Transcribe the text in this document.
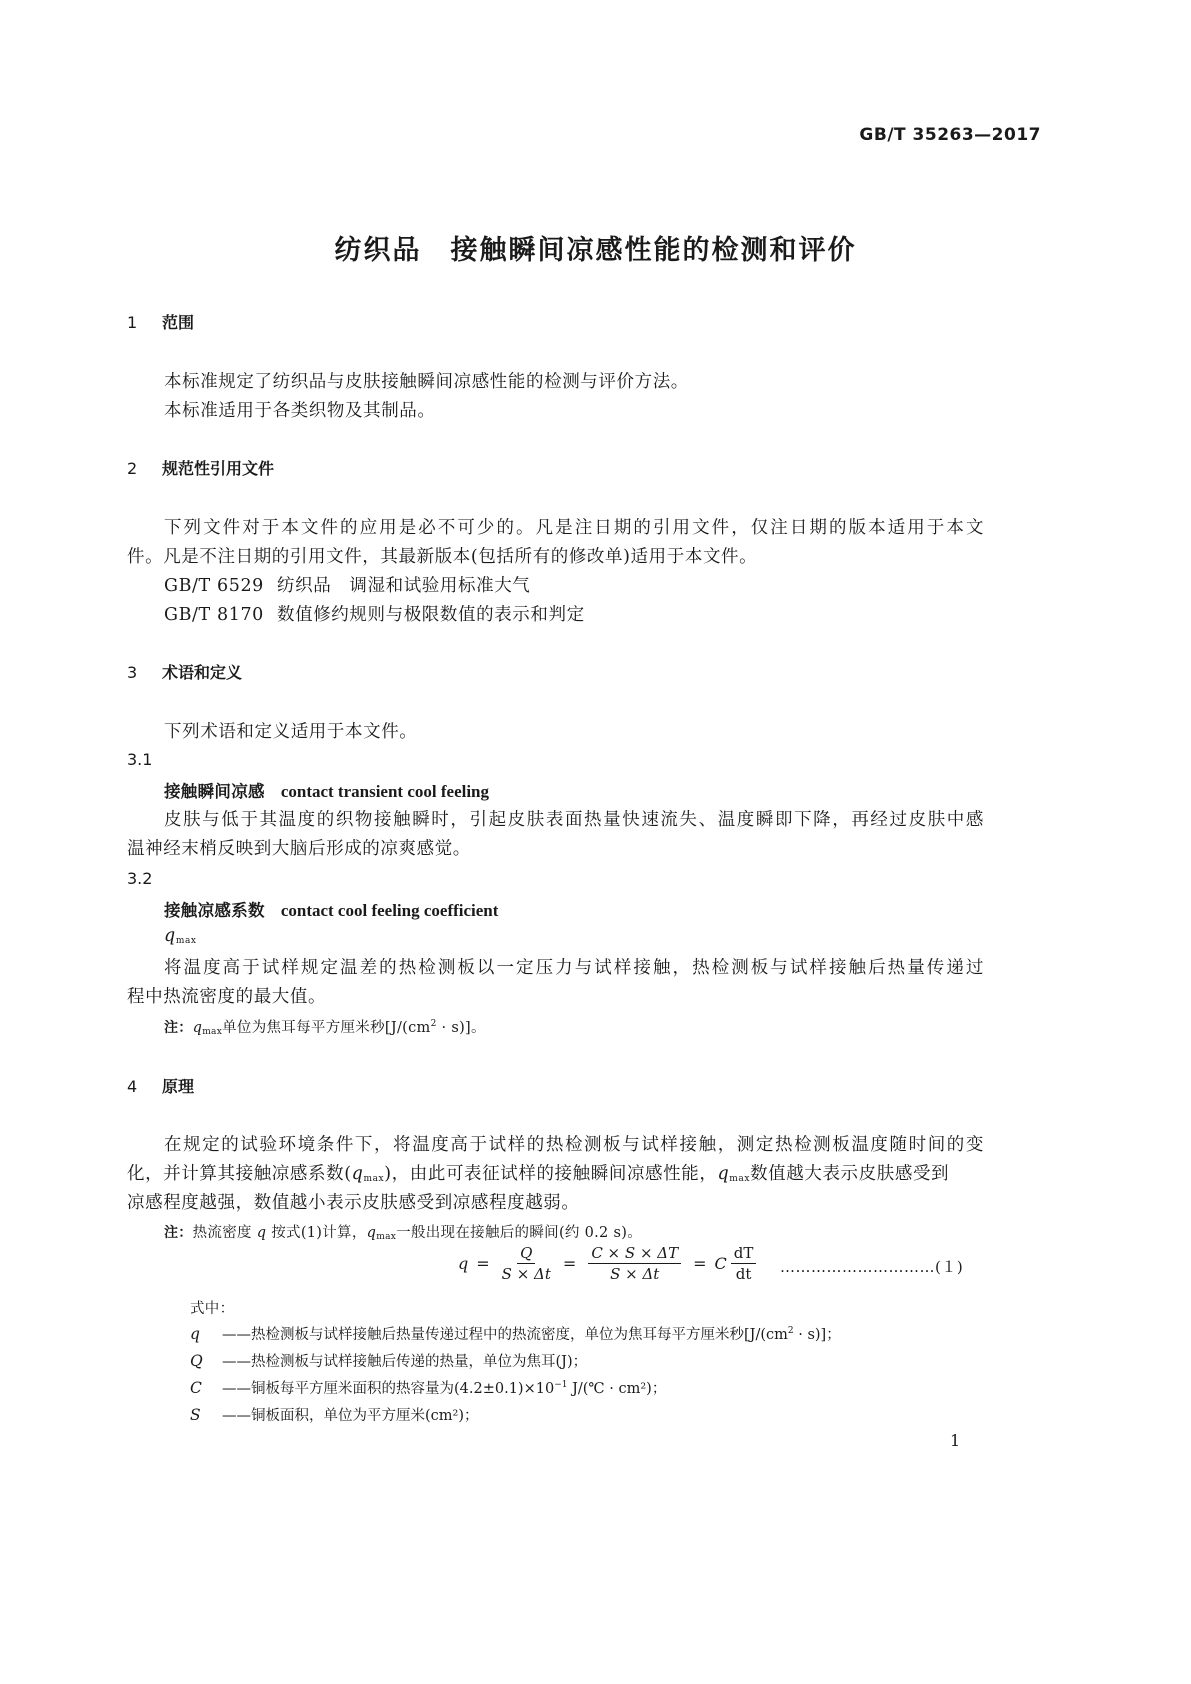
GB/T 35263—2017
纺织品　接触瞬间凉感性能的检测和评价
1 范围
本标准规定了纺织品与皮肤接触瞬间凉感性能的检测与评价方法。
本标准适用于各类织物及其制品。
2 规范性引用文件
下列文件对于本文件的应用是必不可少的。凡是注日期的引用文件，仅注日期的版本适用于本文
件。凡是不注日期的引用文件，其最新版本(包括所有的修改单)适用于本文件。
GB/T 6529 纺织品　调湿和试验用标准大气
GB/T 8170 数值修约规则与极限数值的表示和判定
3 术语和定义
下列术语和定义适用于本文件。
3.1
接触瞬间凉感 contact transient cool feeling
皮肤与低于其温度的织物接触瞬时，引起皮肤表面热量快速流失、温度瞬即下降，再经过皮肤中感
温神经末梢反映到大脑后形成的凉爽感觉。
3.2
接触凉感系数 contact cool feeling coefficient
$q_{max}$
将温度高于试样规定温差的热检测板以一定压力与试样接触，热检测板与试样接触后热量传递过
程中热流密度的最大值。
注：$q_{max}$单位为焦耳每平方厘米秒$[J/(cm^2 \cdot s)]$。
4 原理
在规定的试验环境条件下，将温度高于试样的热检测板与试样接触，测定热检测板温度随时间的变
化，并计算其接触凉感系数$(q_{max})$，由此可表征试样的接触瞬间凉感性能，$q_{max}$数值越大表示皮肤感受到
凉感程度越强，数值越小表示皮肤感受到凉感程度越弱。
注：热流密度 q 按式(1)计算，$q_{max}$一般出现在接触后的瞬间(约 0.2 s)。
$q = \frac{Q}{S \times \Delta t} = \frac{C \times S \times \Delta T}{S \times \Delta t} = C \frac{dT}{dt}$ …………………………(１)
式中：
q ——热检测板与试样接触后热量传递过程中的热流密度，单位为焦耳每平方厘米秒$[J/(cm^2 \cdot s)]$；
Q ——热检测板与试样接触后传递的热量，单位为焦耳(J)；
C ——铜板每平方厘米面积的热容量为$(4.2\pm 0.1)\times 10^{-1}$ J/(℃ · cm²)；
S ——铜板面积，单位为平方厘米(cm²)；
1
